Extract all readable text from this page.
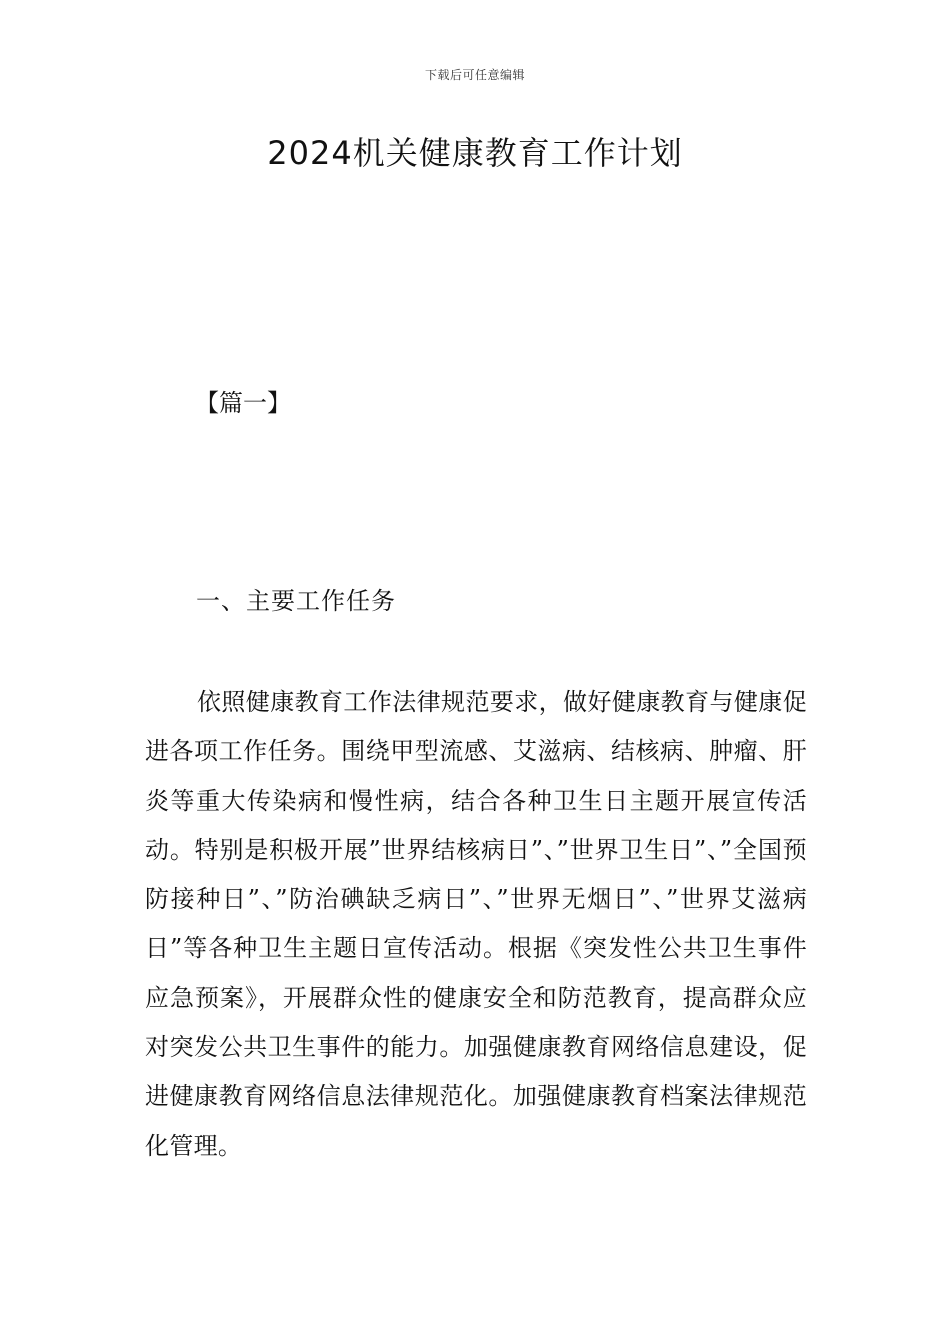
下载后可任意编辑
2024机关健康教育工作计划
【篇一】
一、主要工作任务

依照健康教育工作法律规范要求，做好健康教育与健康促进各项工作任务。围绕甲型流感、艾滋病、结核病、肿瘤、肝炎等重大传染病和慢性病，结合各种卫生日主题开展宣传活动。特别是积极开展”世界结核病日”、”世界卫生日”、”全国预防接种日”、”防治碘缺乏病日”、”世界无烟日”、”世界艾滋病日”等各种卫生主题日宣传活动。根据《突发性公共卫生事件应急预案》，开展群众性的健康安全和防范教育，提高群众应对突发公共卫生事件的能力。加强健康教育网络信息建设，促进健康教育网络信息法律规范化。加强健康教育档案法律规范化管理。
